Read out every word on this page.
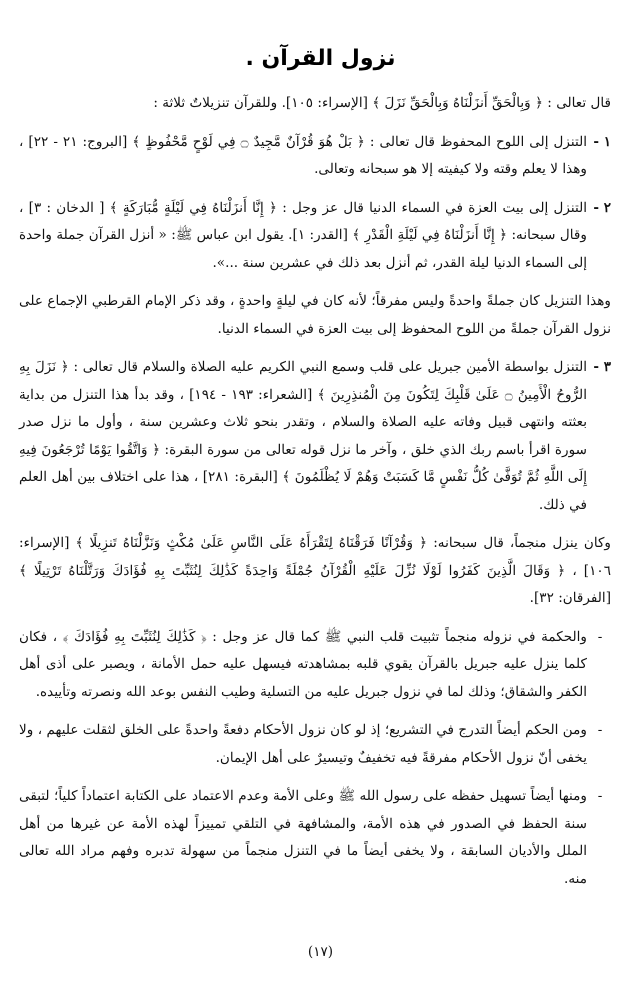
نزول القرآن .

قال تعالى : ﴿ وَبِالْحَقِّ أَنزَلْنَاهُ وَبِالْحَقِّ نَزَلَ ﴾ [الإسراء: ١٠٥]. وللقرآن تنزيلاتٌ ثلاثة :

١ -

التنزل إلى اللوح المحفوظ قال تعالى : ﴿ بَلْ هُوَ قُرْآنٌ مَّجِيدٌ ۝ فِي لَوْحٍ مَّحْفُوظٍ ﴾ [البروج: ٢١ - ٢٢] ، وهذا لا يعلم وقته ولا كيفيته إلا هو سبحانه وتعالى.

٢ -

التنزل إلى بيت العزة في السماء الدنيا قال عز وجل : ﴿ إِنَّا أَنزَلْنَاهُ فِي لَيْلَةٍ مُّبَارَكَةٍ ﴾ [ الدخان : ٣] ، وقال سبحانه: ﴿ إِنَّا أَنزَلْنَاهُ فِي لَيْلَةِ الْقَدْرِ ﴾ [القدر: ١]. يقول ابن عباس ﷺ: « أنزل القرآن جملة واحدة إلى السماء الدنيا ليلة القدر، ثم أنزل بعد ذلك في عشرين سنة ...».

وهذا التنزيل كان جملةً واحدةً وليس مفرقاً؛ لأنه كان في ليلةٍ واحدةٍ ، وقد ذكر الإمام القرطبي الإجماع على نزول القرآن جملةً من اللوح المحفوظ إلى بيت العزة في السماء الدنيا.

٣ -

التنزل بواسطة الأمين جبريل على قلب وسمع النبي الكريم عليه الصلاة والسلام قال تعالى : ﴿ نَزَلَ بِهِ الرُّوحُ الْأَمِينُ ۝ عَلَىٰ قَلْبِكَ لِتَكُونَ مِنَ الْمُنذِرِينَ ﴾ [الشعراء: ١٩٣ - ١٩٤] ، وقد بدأ هذا التنزل من بداية بعثته وانتهى قبيل وفاته عليه الصلاة والسلام ، وتقدر بنحو ثلاث وعشرين سنة ، وأول ما نزل صدر سورة اقرأ باسم ربك الذي خلق ، وآخر ما نزل قوله تعالى من سورة البقرة: ﴿ وَاتَّقُوا يَوْمًا تُرْجَعُونَ فِيهِ إِلَى اللَّهِ ثُمَّ تُوَفَّىٰ كُلُّ نَفْسٍ مَّا كَسَبَتْ وَهُمْ لَا يُظْلَمُونَ ﴾ [البقرة: ٢٨١] ، هذا على اختلاف بين أهل العلم في ذلك.

وكان ينزل منجماً، قال سبحانه: ﴿ وَقُرْآنًا فَرَقْنَاهُ لِتَقْرَأَهُ عَلَى النَّاسِ عَلَىٰ مُكْثٍ وَنَزَّلْنَاهُ تَنزِيلًا ﴾ [الإسراء: ١٠٦] ، ﴿ وَقَالَ الَّذِينَ كَفَرُوا لَوْلَا نُزِّلَ عَلَيْهِ الْقُرْآنُ جُمْلَةً وَاحِدَةً كَذَٰلِكَ لِنُثَبِّتَ بِهِ فُؤَادَكَ وَرَتَّلْنَاهُ تَرْتِيلًا ﴾ [الفرقان: ٣٢].

-

والحكمة في نزوله منجماً تثبيت قلب النبي ﷺ كما قال عز وجل : ﴿ كَذَٰلِكَ لِنُثَبِّتَ بِهِ فُؤَادَكَ ﴾ ، فكان كلما ينزل عليه جبريل بالقرآن يقوي قلبه بمشاهدته فيسهل عليه حمل الأمانة ، ويصبر على أذى أهل الكفر والشقاق؛ وذلك لما في نزول جبريل عليه من التسلية وطيب النفس بوعد الله ونصرته وتأييده.

-

ومن الحكم أيضاً التدرج في التشريع؛ إذ لو كان نزول الأحكام دفعةً واحدةً على الخلق لثقلت عليهم ، ولا يخفى أنّ نزول الأحكام مفرقةً فيه تخفيفٌ وتيسيرٌ على أهل الإيمان.

-

ومنها أيضاً تسهيل حفظه على رسول الله ﷺ وعلى الأمة وعدم الاعتماد على الكتابة اعتماداً كلياً؛ لتبقى سنة الحفظ في الصدور في هذه الأمة، والمشافهة في التلقي تمييزاً لهذه الأمة عن غيرها من أهل الملل والأديان السابقة ، ولا يخفى أيضاً ما في التنزل منجماً من سهولة تدبره وفهم مراد الله تعالى منه.

(١٧)
